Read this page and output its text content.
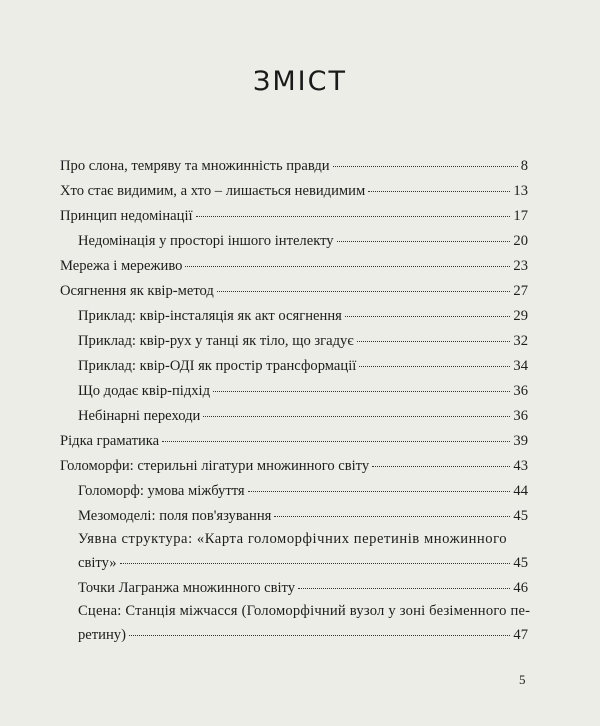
ЗМІСТ
Про слона, темряву та множинність правди	8
Хто стає видимим, а хто – лишається невидимим	13
Принцип недомінації	17
Недомінація у просторі іншого інтелекту	20
Мережа і мереживо	23
Осягнення як квір-метод	27
Приклад: квір-інсталяція як акт осягнення	29
Приклад: квір-рух у танці як тіло, що згадує	32
Приклад: квір-ОДІ як простір трансформації	34
Що додає квір-підхід	36
Небінарні переходи	36
Рідка граматика	39
Голоморфи: стерильні лігатури множинного світу	43
Голоморф: умова міжбуття	44
Мезомоделі: поля пов'язування	45
Уявна структура: «Карта голоморфічних перетинів множинного
світу»	45
Точки Лагранжа множинного світу	46
Сцена: Станція міжчасся (Голоморфічний вузол у зоні безіменного пе-
ретину)	47
5
